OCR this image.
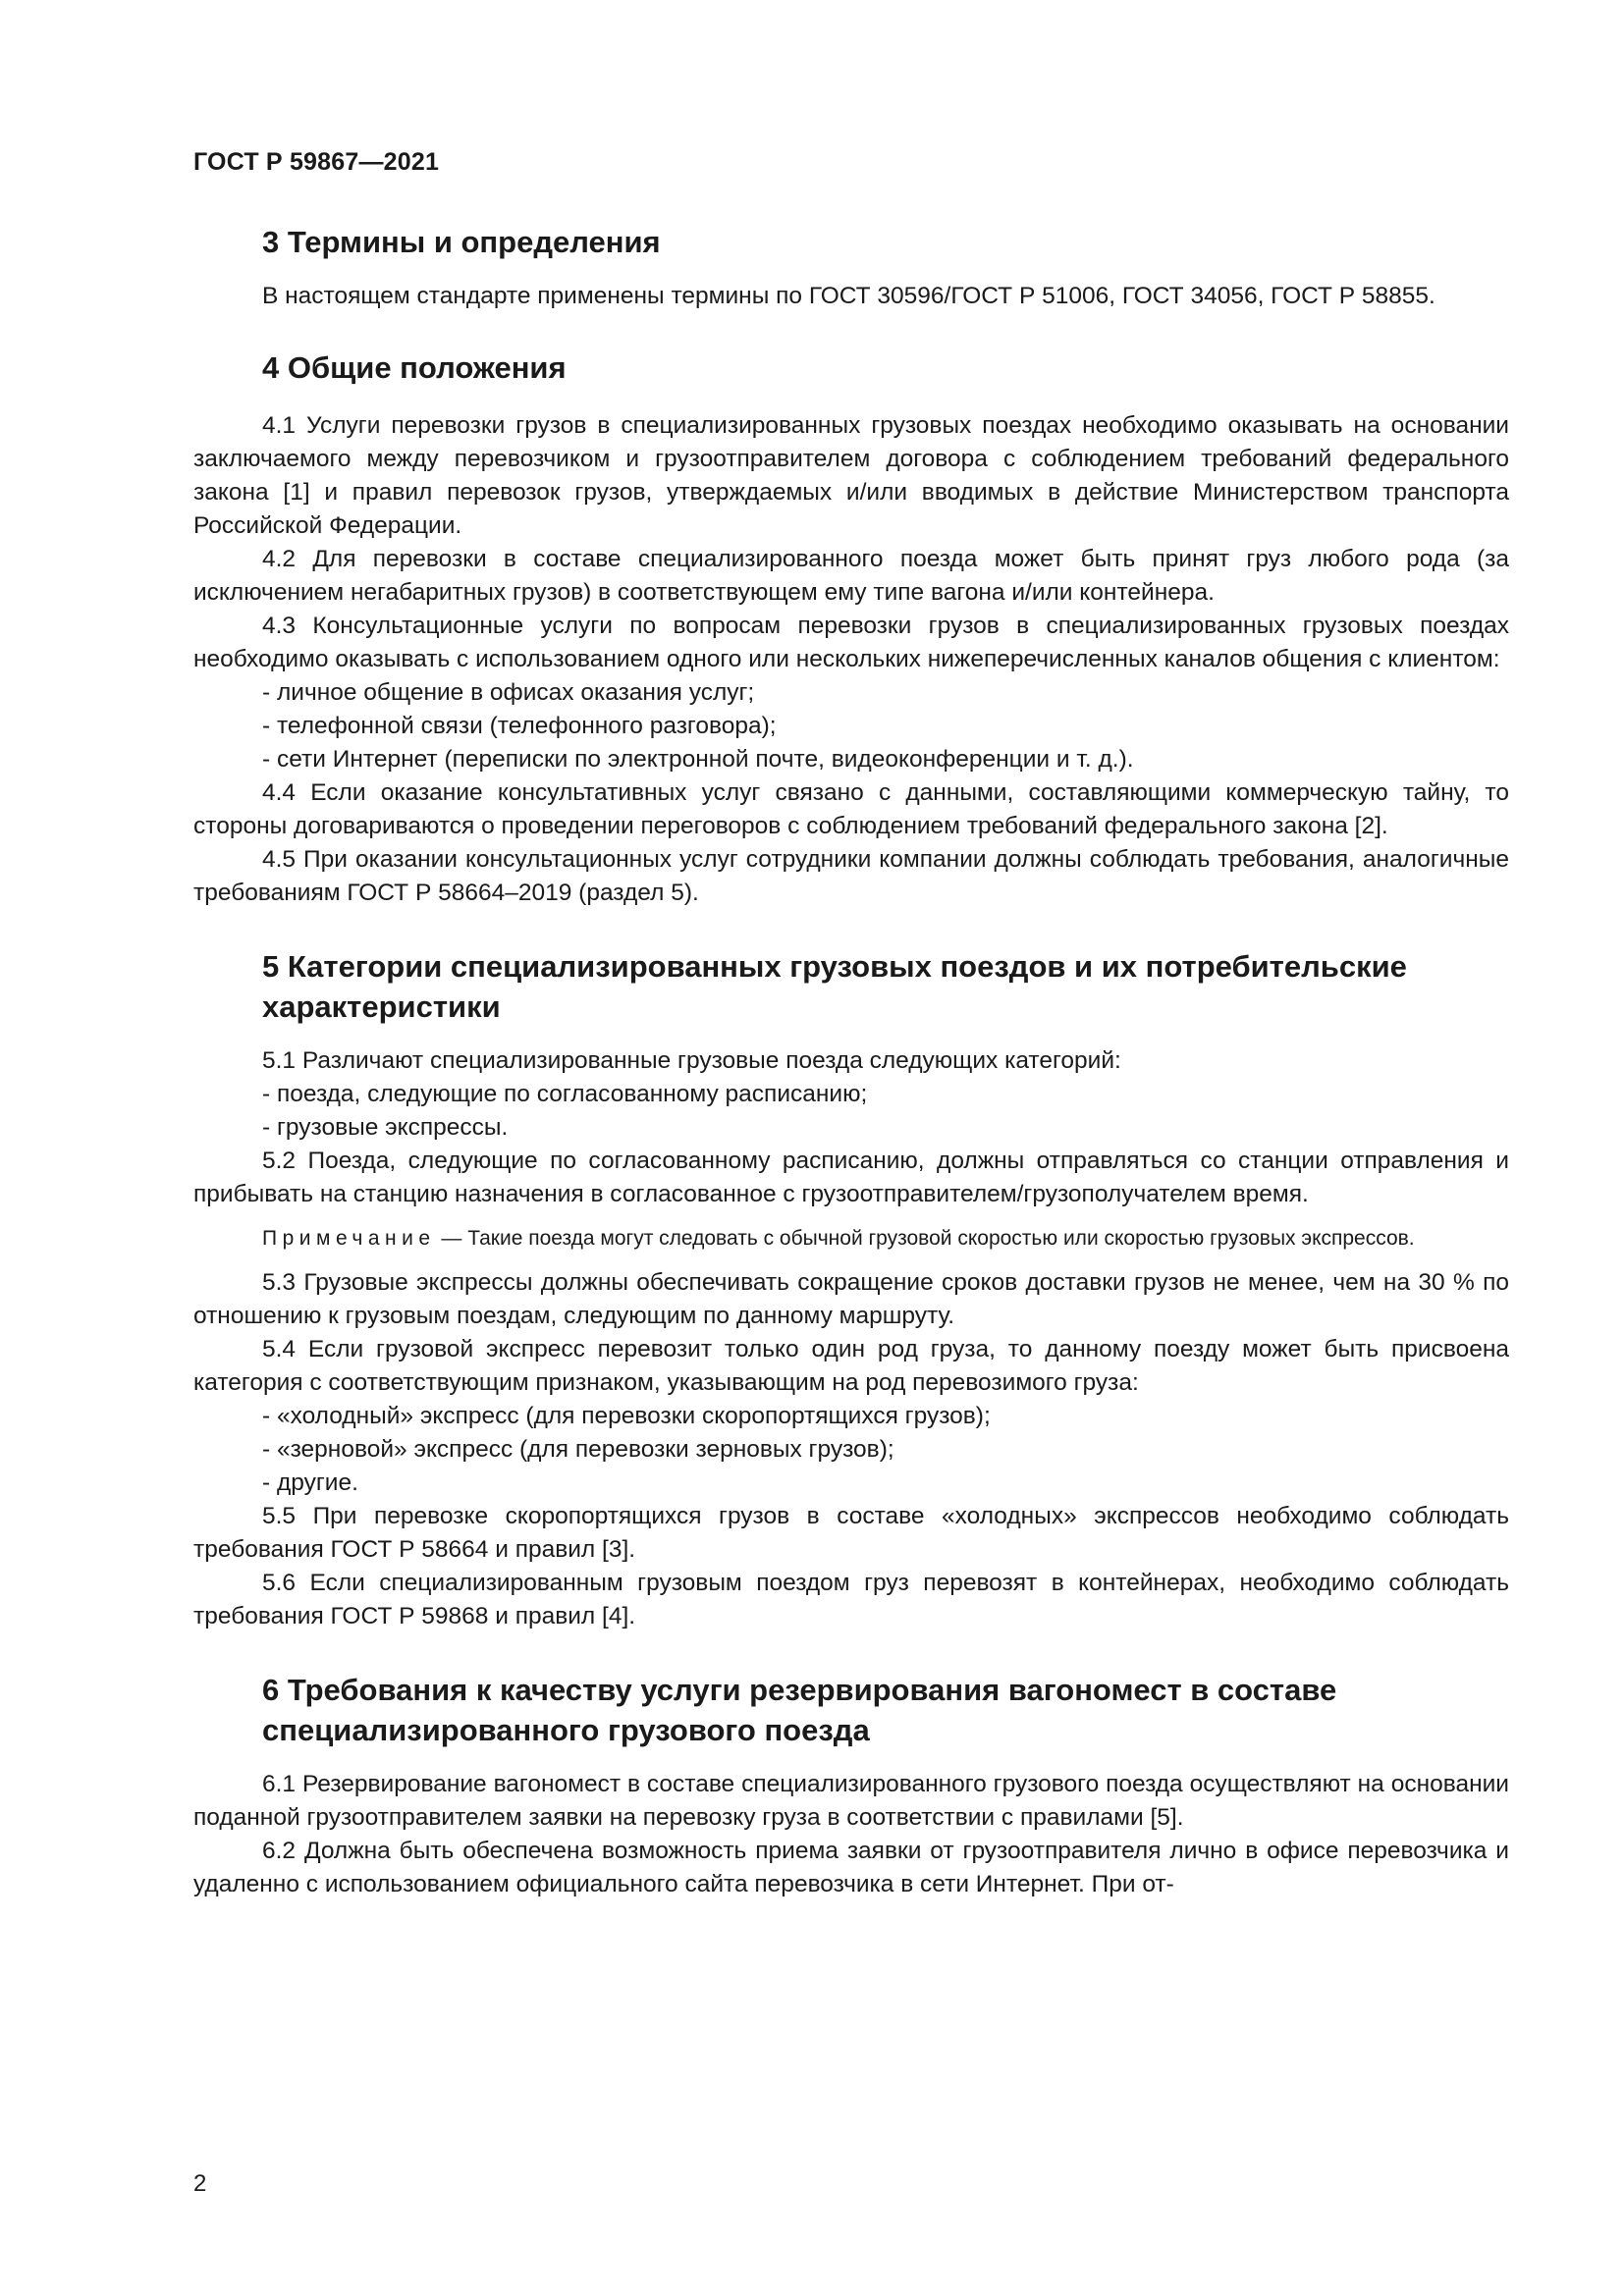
ГОСТ Р 59867—2021
3 Термины и определения

В настоящем стандарте применены термины по ГОСТ 30596/ГОСТ Р 51006, ГОСТ 34056, ГОСТ Р 58855.

4 Общие положения

4.1 Услуги перевозки грузов в специализированных грузовых поездах необходимо оказывать на основании заключаемого между перевозчиком и грузоотправителем договора с соблюдением требований федерального закона [1] и правил перевозок грузов, утверждаемых и/или вводимых в действие Министерством транспорта Российской Федерации.

4.2 Для перевозки в составе специализированного поезда может быть принят груз любого рода (за исключением негабаритных грузов) в соответствующем ему типе вагона и/или контейнера.

4.3 Консультационные услуги по вопросам перевозки грузов в специализированных грузовых поездах необходимо оказывать с использованием одного или нескольких нижеперечисленных каналов общения с клиентом:

- личное общение в офисах оказания услуг;

- телефонной связи (телефонного разговора);

- сети Интернет (переписки по электронной почте, видеоконференции и т. д.).

4.4 Если оказание консультативных услуг связано с данными, составляющими коммерческую тайну, то стороны договариваются о проведении переговоров с соблюдением требований федерального закона [2].

4.5 При оказании консультационных услуг сотрудники компании должны соблюдать требования, аналогичные требованиям ГОСТ Р 58664–2019 (раздел 5).

5 Категории специализированных грузовых поездов и их потребительские
характеристики

5.1 Различают специализированные грузовые поезда следующих категорий:

- поезда, следующие по согласованному расписанию;

- грузовые экспрессы.

5.2 Поезда, следующие по согласованному расписанию, должны отправляться со станции отправления и прибывать на станцию назначения в согласованное с грузоотправителем/грузополучателем время.

Примечание — Такие поезда могут следовать с обычной грузовой скоростью или скоростью грузовых экспрессов.

5.3 Грузовые экспрессы должны обеспечивать сокращение сроков доставки грузов не менее, чем на 30 % по отношению к грузовым поездам, следующим по данному маршруту.

5.4 Если грузовой экспресс перевозит только один род груза, то данному поезду может быть присвоена категория с соответствующим признаком, указывающим на род перевозимого груза:

- «холодный» экспресс (для перевозки скоропортящихся грузов);

- «зерновой» экспресс (для перевозки зерновых грузов);

- другие.

5.5 При перевозке скоропортящихся грузов в составе «холодных» экспрессов необходимо соблюдать требования ГОСТ Р 58664 и правил [3].

5.6 Если специализированным грузовым поездом груз перевозят в контейнерах, необходимо соблюдать требования ГОСТ Р 59868 и правил [4].

6 Требования к качеству услуги резервирования вагономест в составе
специализированного грузового поезда

6.1 Резервирование вагономест в составе специализированного грузового поезда осуществляют на основании поданной грузоотправителем заявки на перевозку груза в соответствии с правилами [5].

6.2 Должна быть обеспечена возможность приема заявки от грузоотправителя лично в офисе перевозчика и удаленно с использованием официального сайта перевозчика в сети Интернет. При от-

2
